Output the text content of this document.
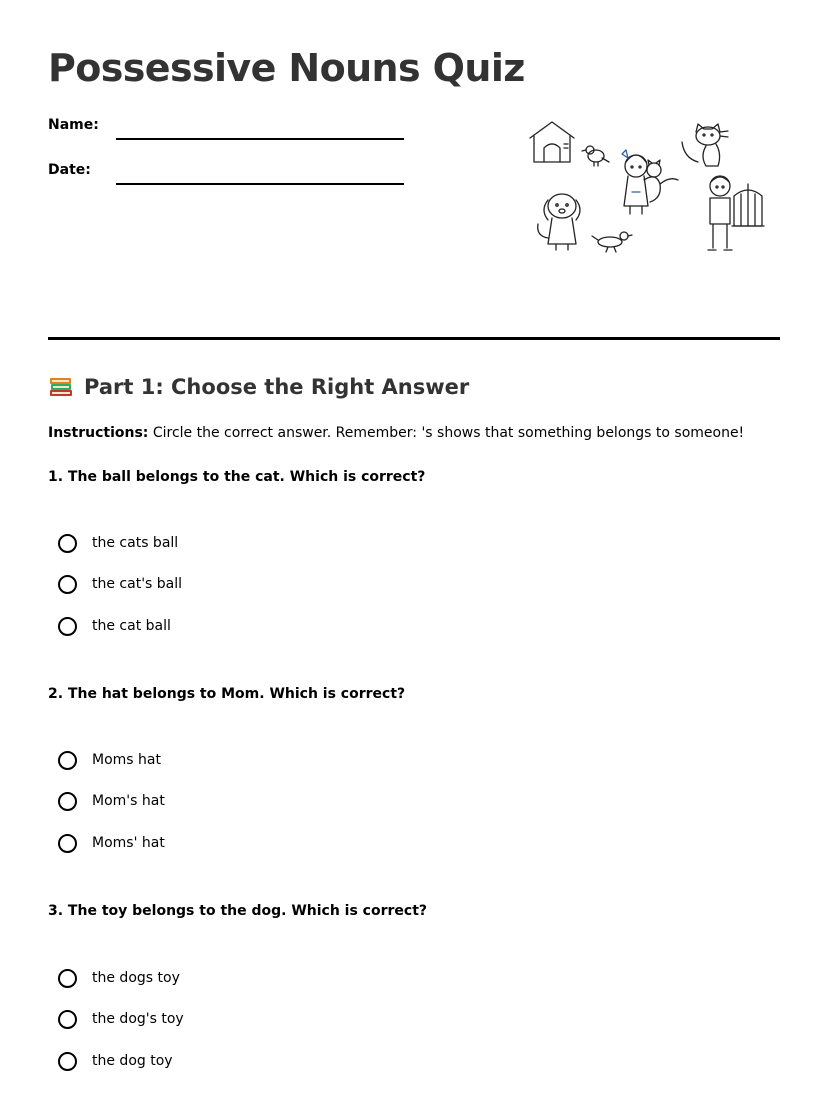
Possessive Nouns Quiz
Name:
Date:
Part 1: Choose the Right Answer
Instructions: Circle the correct answer. Remember: 's shows that something belongs to someone!
1. The ball belongs to the cat. Which is correct?
the cats ball
the cat's ball
the cat ball
2. The hat belongs to Mom. Which is correct?
Moms hat
Mom's hat
Moms' hat
3. The toy belongs to the dog. Which is correct?
the dogs toy
the dog's toy
the dog toy
